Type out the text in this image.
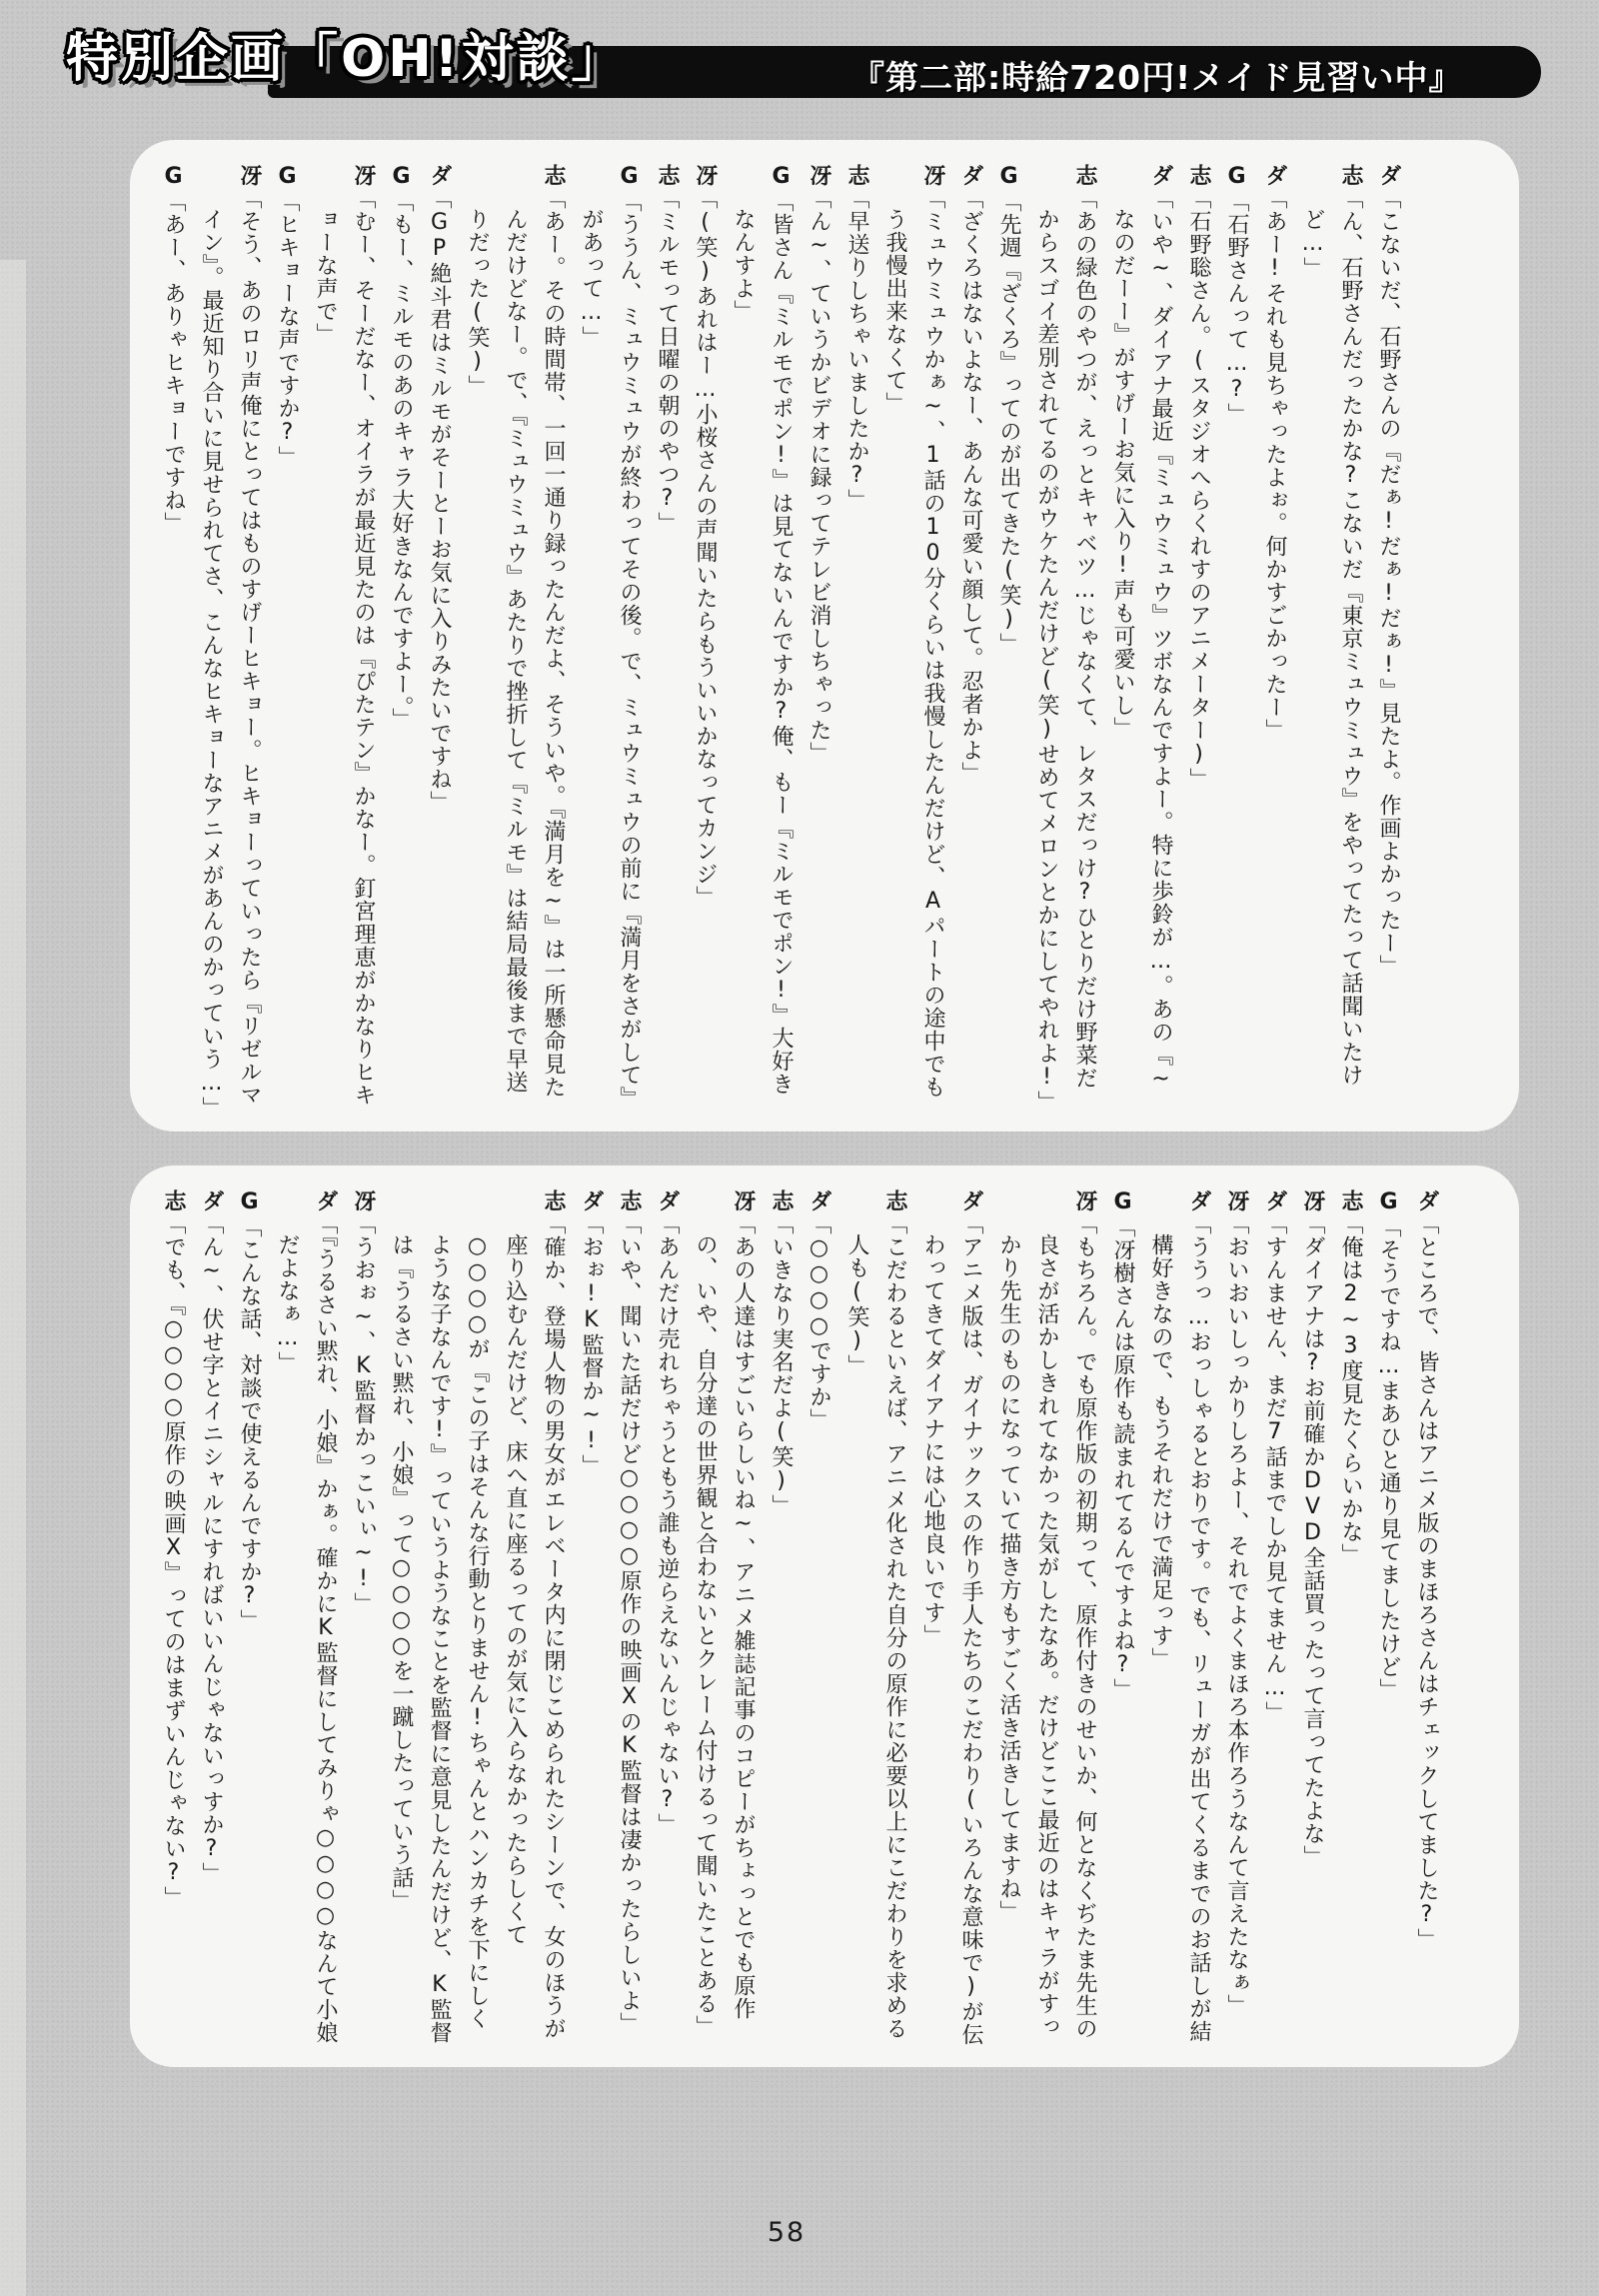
特別企画「OH!対談」	『第二部:時給720円!メイド見習い中』

ダ「こないだ、石野さんの『だぁ!だぁ!だぁ!』見たよ。作画よかったー」

志「ん、石野さんだったかな?こないだ『東京ミュウミュウ』をやってたって話聞いたけど…」

ダ「あー!それも見ちゃったよぉ。何かすごかったー」

G「石野さんって…?」

志「石野聡さん。(スタジオへらくれすのアニメーター)」

ダ「いや~、ダイアナ最近『ミュウミュウ』ツボなんですよー。特に歩鈴が…。あの『~なのだーー』がすげーお気に入り!声も可愛いし」

志「あの緑色のやつが、えっとキャベツ…じゃなくて、レタスだっけ?ひとりだけ野菜だからスゴイ差別されてるのがウケたんだけど(笑)せめてメロンとかにしてやれよ!」

G「先週『ざくろ』ってのが出てきた(笑)」

ダ「ざくろはないよなー、あんな可愛い顔して。忍者かよ」

冴「ミュウミュウかぁ~、1話の10分くらいは我慢したんだけど、Aパートの途中でもう我慢出来なくて」

志「早送りしちゃいましたか?」

冴「ん~、ていうかビデオに録ってテレビ消しちゃった」

G「皆さん『ミルモでポン!』は見てないんですか?俺、もー『ミルモでポン!』大好きなんすよ」

冴「(笑)あれはー…小桜さんの声聞いたらもういいかなってカンジ」

志「ミルモって日曜の朝のやつ?」

G「ううん、ミュウミュウが終わってその後。で、ミュウミュウの前に『満月をさがして』があって…」

志「あー。その時間帯、一回一通り録ったんだよ、そういや。『満月を~』は一所懸命見たんだけどなー。で、『ミュウミュウ』あたりで挫折して『ミルモ』は結局最後まで早送りだった(笑)」

ダ「GP絶斗君はミルモがそーとーお気に入りみたいですね」

G「もー、ミルモのあのキャラ大好きなんですよー。」

冴「むー、そーだなー、オイラが最近見たのは『ぴたテン』かなー。釘宮理恵がかなりヒキョーな声で」

G「ヒキョーな声ですか?」

冴「そう、あのロリ声俺にとってはものすげーヒキョー。ヒキョーっていったら『リゼルマイン』。最近知り合いに見せられてさ、こんなヒキョーなアニメがあんのかっていう…」

G「あー、ありゃヒキョーですね」

ダ「ところで、皆さんはアニメ版のまほろさんはチェックしてました?」

G「そうですね…まあひと通り見てましたけど」

志「俺は2~3度見たくらいかな」

冴「ダイアナは?お前確かDVD全話買ったって言ってたよな」

ダ「すんません、まだ7話までしか見てません…」

冴「おいおいしっかりしろよー、それでよくまほろ本作ろうなんて言えたなぁ」

ダ「ううっ…おっしゃるとおりです。でも、リューガが出てくるまでのお話しが結構好きなので、もうそれだけで満足っす」

G「冴樹さんは原作も読まれてるんですよね?」

冴「もちろん。でも原作版の初期って、原作付きのせいか、何となくぢたま先生の良さが活かしきれてなかった気がしたなあ。だけどここ最近のはキャラがすっかり先生のものになっていて描き方もすごく活き活きしてますね」

ダ「アニメ版は、ガイナックスの作り手人たちのこだわり(いろんな意味で)が伝わってきてダイアナには心地良いです」

志「こだわるといえば、アニメ化された自分の原作に必要以上にこだわりを求める人も(笑)」

ダ「○○○○ですか」

志「いきなり実名だよ(笑)」

冴「あの人達はすごいらしいね~、アニメ雑誌記事のコピーがちょっとでも原作の、いや、自分達の世界観と合わないとクレーム付けるって聞いたことある」

ダ「あんだけ売れちゃうともう誰も逆らえないんじゃない?」

志「いや、聞いた話だけど○○○○原作の映画XのK監督は凄かったらしいよ」

ダ「おぉ!K監督か~!」

志「確か、登場人物の男女がエレベータ内に閉じこめられたシーンで、女のほうが座り込むんだけど、床へ直に座るってのが気に入らなかったらしくて○○○○が『この子はそんな行動とりません!ちゃんとハンカチを下にしくような子なんです!』っていうようなことを監督に意見したんだけど、K監督は『うるさい黙れ、小娘』って○○○○を一蹴したっていう話」

冴「うおぉ~、K監督かっこいぃ~!」

ダ「『うるさい黙れ、小娘』かぁ。確かにK監督にしてみりゃ○○○○なんて小娘だよなぁ…」

G「こんな話、対談で使えるんですか?」

ダ「ん~、伏せ字とイニシャルにすればいいんじゃないっすか?」

志「でも、『○○○○原作の映画X』ってのはまずいんじゃない?」

58
